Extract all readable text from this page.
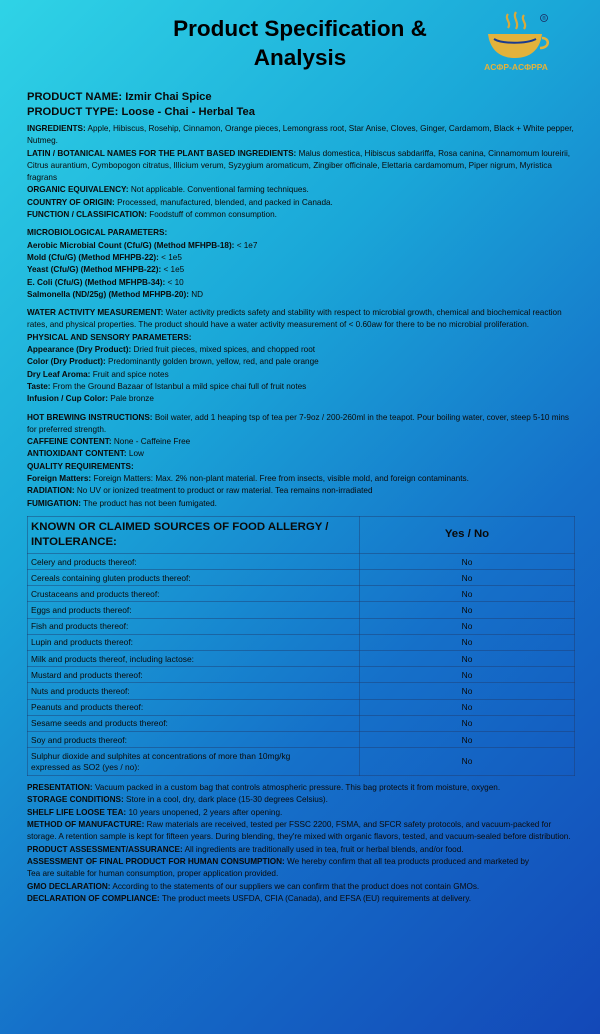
Product Specification &
Analysis
®
ACΦP-ACΦPPA
PRODUCT NAME: Izmir Chai Spice
PRODUCT TYPE: Loose - Chai - Herbal Tea

INGREDIENTS: Apple, Hibiscus, Rosehip, Cinnamon, Orange pieces, Lemongrass root, Star Anise, Cloves, Ginger, Cardamom, Black + White pepper, Nutmeg.

LATIN / BOTANICAL NAMES FOR THE PLANT BASED INGREDIENTS: Malus domestica, Hibiscus sabdariffa, Rosa canina, Cinnamomum loureirii, Citrus aurantium, Cymbopogon citratus, Illicium verum, Syzygium aromaticum, Zingiber officinale, Elettaria cardamomum, Piper nigrum, Myristica fragrans

ORGANIC EQUIVALENCY: Not applicable. Conventional farming techniques.

COUNTRY OF ORIGIN: Processed, manufactured, blended, and packed in Canada.

FUNCTION / CLASSIFICATION: Foodstuff of common consumption.

MICROBIOLOGICAL PARAMETERS:

Aerobic Microbial Count (Cfu/G) (Method MFHPB-18): < 1e7

Mold (Cfu/G) (Method MFHPB-22): < 1e5

Yeast (Cfu/G) (Method MFHPB-22): < 1e5

E. Coli (Cfu/G) (Method MFHPB-34): < 10

Salmonella (ND/25g) (Method MFHPB-20): ND

WATER ACTIVITY MEASUREMENT: Water activity predicts safety and stability with respect to microbial growth, chemical and biochemical reaction rates, and physical properties. The product should have a water activity measurement of < 0.60aw for there to be no microbial proliferation.

PHYSICAL AND SENSORY PARAMETERS:

Appearance (Dry Product): Dried fruit pieces, mixed spices, and chopped root

Color (Dry Product): Predominantly golden brown, yellow, red, and pale orange

Dry Leaf Aroma: Fruit and spice notes

Taste: From the Ground Bazaar of Istanbul a mild spice chai full of fruit notes

Infusion / Cup Color: Pale bronze

HOT BREWING INSTRUCTIONS: Boil water, add 1 heaping tsp of tea per 7-9oz / 200-260ml in the teapot. Pour boiling water, cover, steep 5-10 mins for preferred strength.

CAFFEINE CONTENT: None - Caffeine Free

ANTIOXIDANT CONTENT: Low

QUALITY REQUIREMENTS:

Foreign Matters: Foreign Matters: Max. 2% non-plant material. Free from insects, visible mold, and foreign contaminants.

RADIATION: No UV or ionized treatment to product or raw material. Tea remains non-irradiated

FUMIGATION: The product has not been fumigated.

KNOWN OR CLAIMED SOURCES OF FOOD ALLERGY / INTOLERANCE:	Yes / No
Celery and products thereof:	No
Cereals containing gluten products thereof:	No
Crustaceans and products thereof:	No
Eggs and products thereof:	No
Fish and products thereof:	No
Lupin and products thereof:	No
Milk and products thereof, including lactose:	No
Mustard and products thereof:	No
Nuts and products thereof:	No
Peanuts and products thereof:	No
Sesame seeds and products thereof:	No
Soy and products thereof:	No
Sulphur dioxide and sulphites at concentrations of more than 10mg/kg
expressed as SO2 (yes / no):	No

PRESENTATION: Vacuum packed in a custom bag that controls atmospheric pressure. This bag protects it from moisture, oxygen.

STORAGE CONDITIONS: Store in a cool, dry, dark place (15-30 degrees Celsius).

SHELF LIFE LOOSE TEA: 10 years unopened, 2 years after opening.

METHOD OF MANUFACTURE: Raw materials are received, tested per FSSC 2200, FSMA, and SFCR safety protocols, and vacuum-packed for storage. A retention sample is kept for fifteen years. During blending, they're mixed with organic flavors, tested, and vacuum-sealed before distribution.

PRODUCT ASSESSMENT/ASSURANCE: All ingredients are traditionally used in tea, fruit or herbal blends, and/or food.

ASSESSMENT OF FINAL PRODUCT FOR HUMAN CONSUMPTION: We hereby confirm that all tea products produced and marketed by                Tea are suitable for human consumption, proper application provided.

GMO DECLARATION: According to the statements of our suppliers we can confirm that the product does not contain GMOs.

DECLARATION OF COMPLIANCE: The product meets USFDA, CFIA (Canada), and EFSA (EU) requirements at delivery.
